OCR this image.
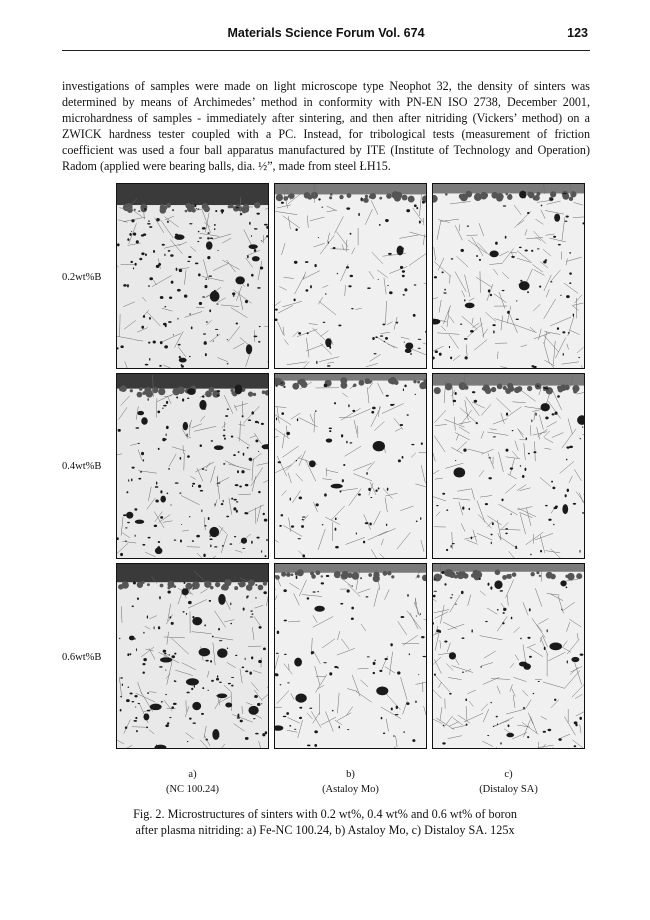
Materials Science Forum Vol. 674	123

investigations of samples were made on light microscope type Neophot 32, the density of sinters was determined by means of Archimedes’ method in conformity with PN-EN ISO 2738, December 2001, microhardness of samples - immediately after sintering, and then after nitriding (Vickers’ method) on a ZWICK hardness tester coupled with a PC. Instead, for tribological tests (measurement of friction coefficient was used a four ball apparatus manufactured by ITE (Institute of Technology and Operation) Radom (applied were bearing balls, dia. ½”, made from steel ŁH15.

0.2wt%B
0.4wt%B
0.6wt%B
a)
(NC 100.24)
b)
(Astaloy Mo)
c)
(Distaloy SA)
Fig. 2. Microstructures of sinters with 0.2 wt%, 0.4 wt% and 0.6 wt% of boron
after plasma nitriding: a) Fe-NC 100.24, b) Astaloy Mo, c) Distaloy SA. 125x
